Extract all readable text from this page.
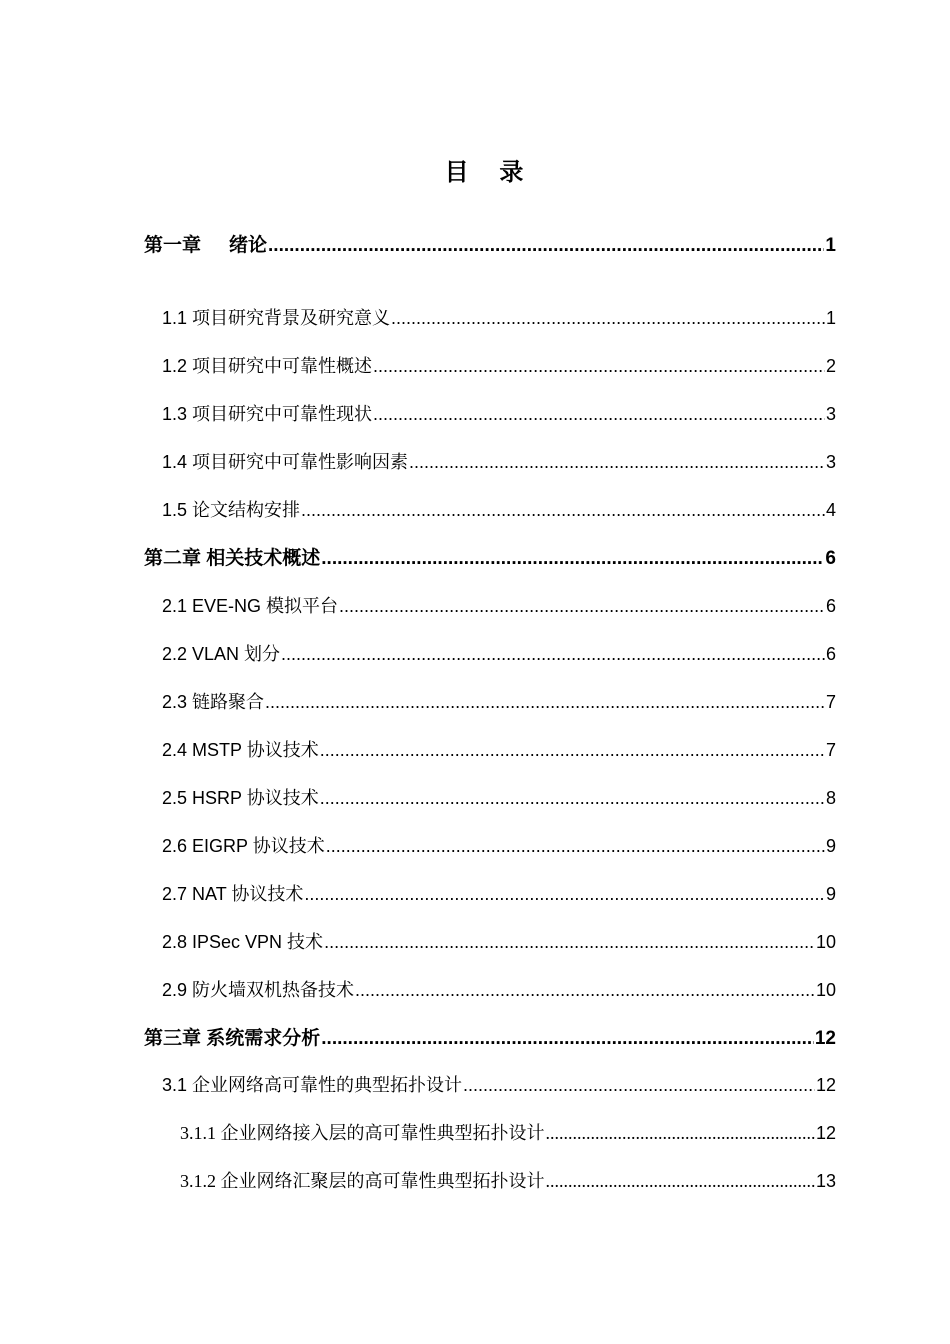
目 录
第一章 绪论 .....	1
1.1 项目研究背景及研究意义 .....	1
1.2 项目研究中可靠性概述 .....	2
1.3 项目研究中可靠性现状 .....	3
1.4 项目研究中可靠性影响因素 .....	3
1.5 论文结构安排 .....	4
第二章 相关技术概述 .....	6
2.1 EVE-NG 模拟平台 .....	6
2.2 VLAN 划分 .....	6
2.3 链路聚合 .....	7
2.4 MSTP 协议技术 .....	7
2.5 HSRP 协议技术 .....	8
2.6 EIGRP 协议技术 .....	9
2.7 NAT 协议技术 .....	9
2.8 IPSec VPN 技术 .....	10
2.9 防火墙双机热备技术 .....	10
第三章 系统需求分析 .....	12
3.1 企业网络高可靠性的典型拓扑设计 .....	12
3.1.1 企业网络接入层的高可靠性典型拓扑设计 .....	12
3.1.2 企业网络汇聚层的高可靠性典型拓扑设计 .....	13
